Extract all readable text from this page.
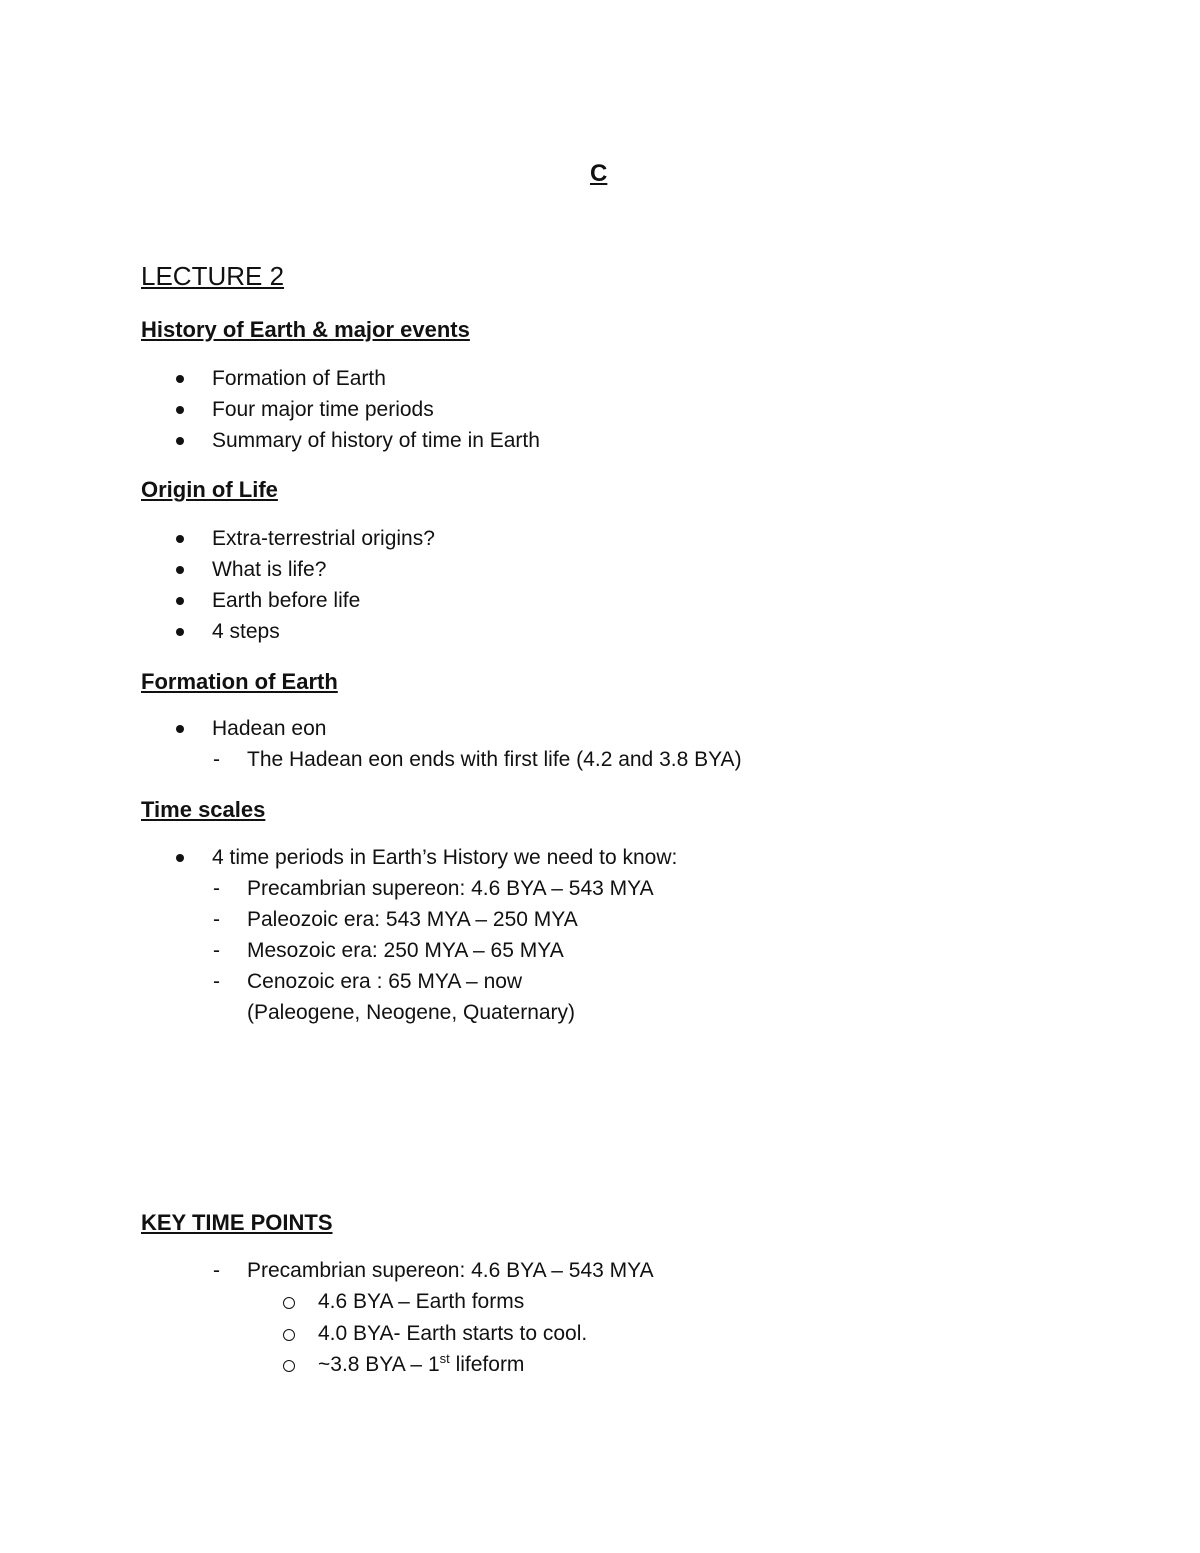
C
LECTURE 2
History of Earth & major events
Formation of Earth
Four major time periods
Summary of history of time in Earth
Origin of Life
Extra-terrestrial origins?
What is life?
Earth before life
4 steps
Formation of Earth
Hadean eon
- The Hadean eon ends with first life (4.2 and 3.8 BYA)
Time scales
4 time periods in Earth’s History we need to know:
- Precambrian supereon: 4.6 BYA – 543 MYA
- Paleozoic era: 543 MYA – 250 MYA
- Mesozoic era: 250 MYA – 65 MYA
- Cenozoic era : 65 MYA – now
(Paleogene, Neogene, Quaternary)
KEY TIME POINTS
- Precambrian supereon: 4.6 BYA – 543 MYA
4.6 BYA – Earth forms
4.0 BYA- Earth starts to cool.
~3.8 BYA – 1st lifeform
